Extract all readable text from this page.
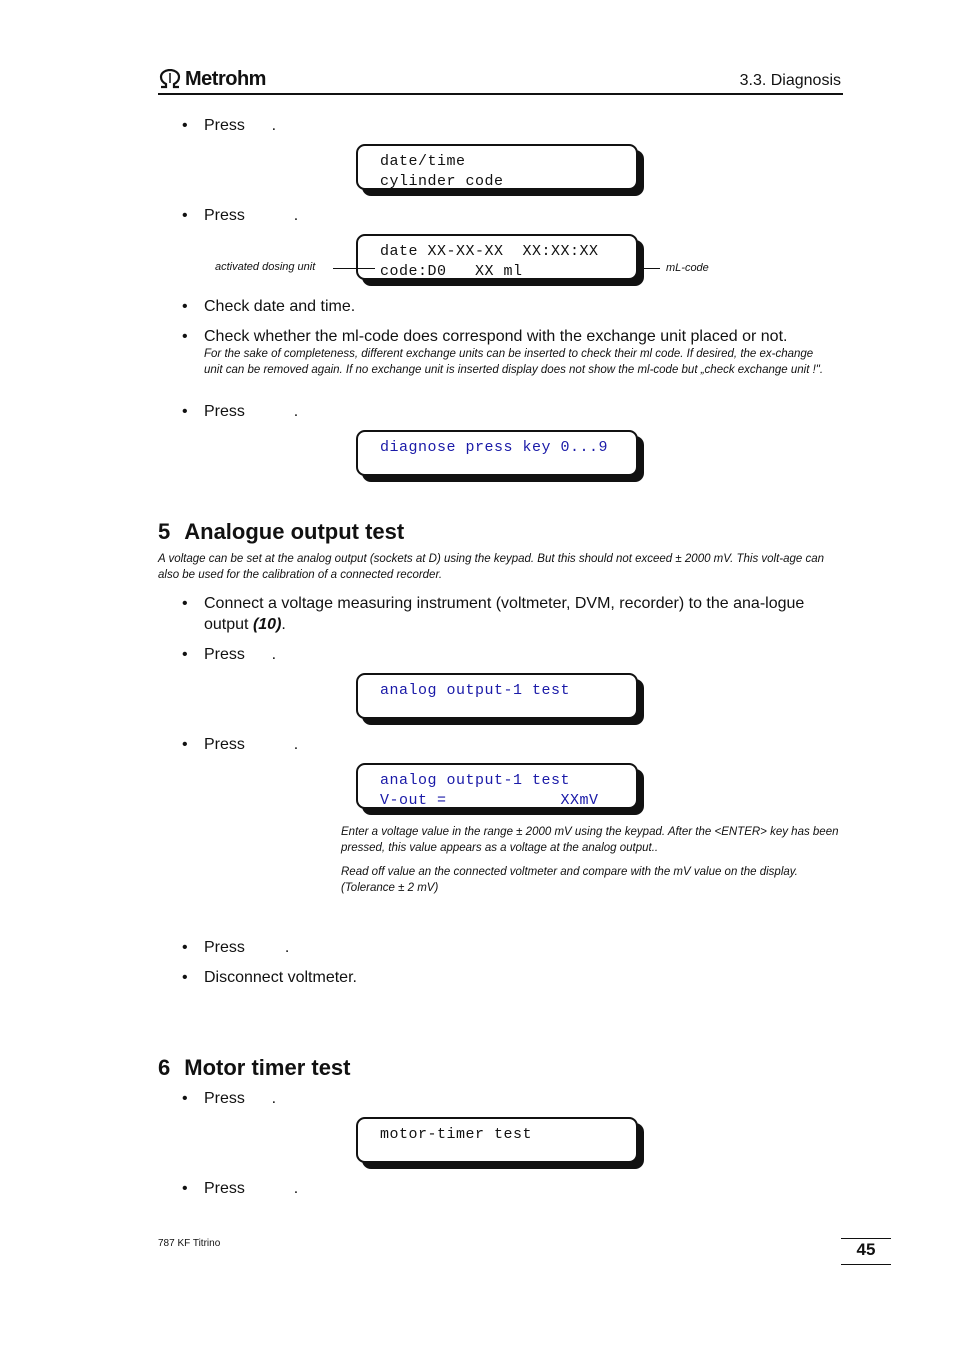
Metrohm	3.3. Diagnosis
• Press      .
date/time
cylinder code
• Press           .
date XX-XX-XX  XX:XX:XX
code:D0   XX ml
activated dosing unit	mL-code
• Check date and time.
• Check whether the ml-code does correspond with the exchange unit placed or not.
For the sake of completeness, different exchange units can be inserted to check their ml code. If desired, the ex-change unit can be removed again. If no exchange unit is inserted display does not show the ml-code but „check exchange unit !".
• Press           .
diagnose press key 0...9
5 Analogue output test
A voltage can be set at the analog output (sockets at D) using the keypad. But this should not exceed ± 2000 mV. This volt-age can also be used for the calibration of a connected recorder.
• Connect a voltage measuring instrument (voltmeter, DVM, recorder) to the ana-logue output (10).
• Press      .
analog output-1 test
• Press           .
analog output-1 test
V-out =            XXmV
Enter a voltage value in the range ± 2000 mV using the keypad. After the <ENTER> key has been pressed, this value appears as a voltage at the analog output..
Read off value an the connected voltmeter and compare with the mV value on the display. (Tolerance ± 2 mV)
• Press         .
• Disconnect voltmeter.
6 Motor timer test
• Press      .
motor-timer test
• Press           .
787 KF Titrino	45
